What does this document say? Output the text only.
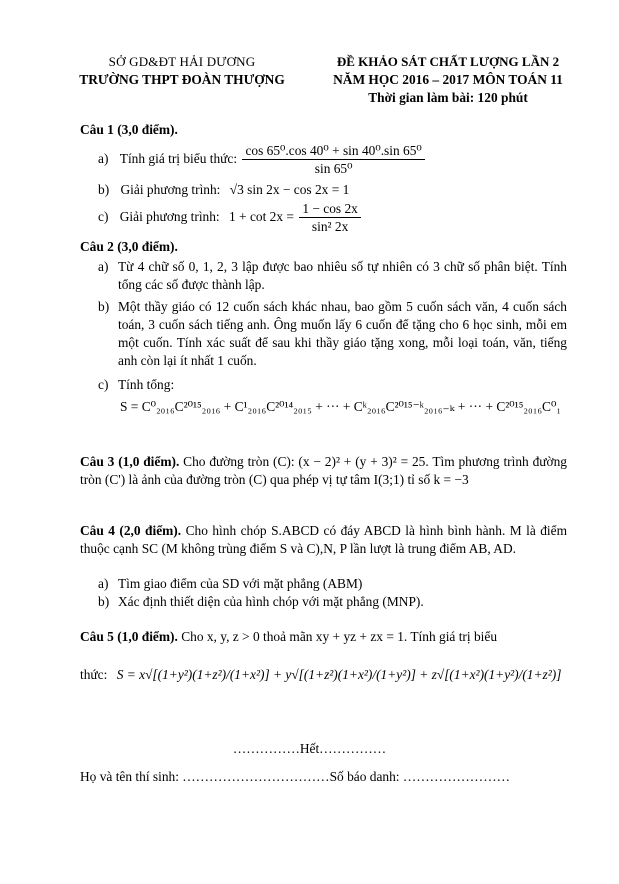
SỞ GD&ĐT HẢI DƯƠNG
TRƯỜNG THPT ĐOÀN THƯỢNG
ĐỀ KHẢO SÁT CHẤT LƯỢNG LẦN 2
NĂM HỌC 2016 – 2017 MÔN TOÁN 11
Thời gian làm bài: 120 phút
Câu 1 (3,0 điểm).
a) Tính giá trị biểu thức: $\frac{\text{cos 65⁰.cos 40⁰ + sin 40⁰.sin 65⁰}}{\text{sin 65⁰}}$
b) Giải phương trình: √3 sin 2x − cos 2x = 1
c) Giải phương trình: $1 + \cot 2x = \frac{1 - \cos 2x}{\text{sin² 2x}}$
Câu 2 (3,0 điểm).
a) Từ 4 chữ số 0, 1, 2, 3 lập được bao nhiêu số tự nhiên có 3 chữ số phân biệt. Tính tổng các số được thành lập.
b) Một thầy giáo có 12 cuốn sách khác nhau, bao gồm 5 cuốn sách văn, 4 cuốn sách toán, 3 cuốn sách tiếng anh. Ông muốn lấy 6 cuốn để tặng cho 6 học sinh, mỗi em một cuốn. Tính xác suất để sau khi thầy giáo tặng xong, mỗi loại toán, văn, tiếng anh còn lại ít nhất 1 cuốn.
c) Tính tổng:
S = C⁰₂₀₁₆C²⁰¹⁵₂₀₁₆ + C¹₂₀₁₆C²⁰¹⁴₂₀₁₅ + ··· + Cᵏ₂₀₁₆C²⁰¹⁵⁻ᵏ₂₀₁₆₋ₖ + ··· + C²⁰¹⁵₂₀₁₆C⁰₁
Câu 3 (1,0 điểm). Cho đường tròn (C): (x − 2)² + (y + 3)² = 25. Tìm phương trình đường tròn (C') là ảnh của đường tròn (C) qua phép vị tự tâm I(3;1) tỉ số k = −3
Câu 4 (2,0 điểm). Cho hình chóp S.ABCD có đáy ABCD là hình bình hành. M là điểm thuộc cạnh SC (M không trùng điểm S và C),N, P lần lượt là trung điểm AB, AD.
a) Tìm giao điểm của SD với mặt phẳng (ABM)
b) Xác định thiết diện của hình chóp với mặt phẳng (MNP).
Câu 5 (1,0 điểm). Cho x, y, z > 0 thoả mãn xy + yz + zx = 1. Tính giá trị biểu
thức: S = x√[(1+y²)(1+z²)/(1+x²)] + y√[(1+z²)(1+x²)/(1+y²)] + z√[(1+x²)(1+y²)/(1+z²)]
……………Hết……………
Họ và tên thí sinh: ……………………………Số báo danh: ……………………
